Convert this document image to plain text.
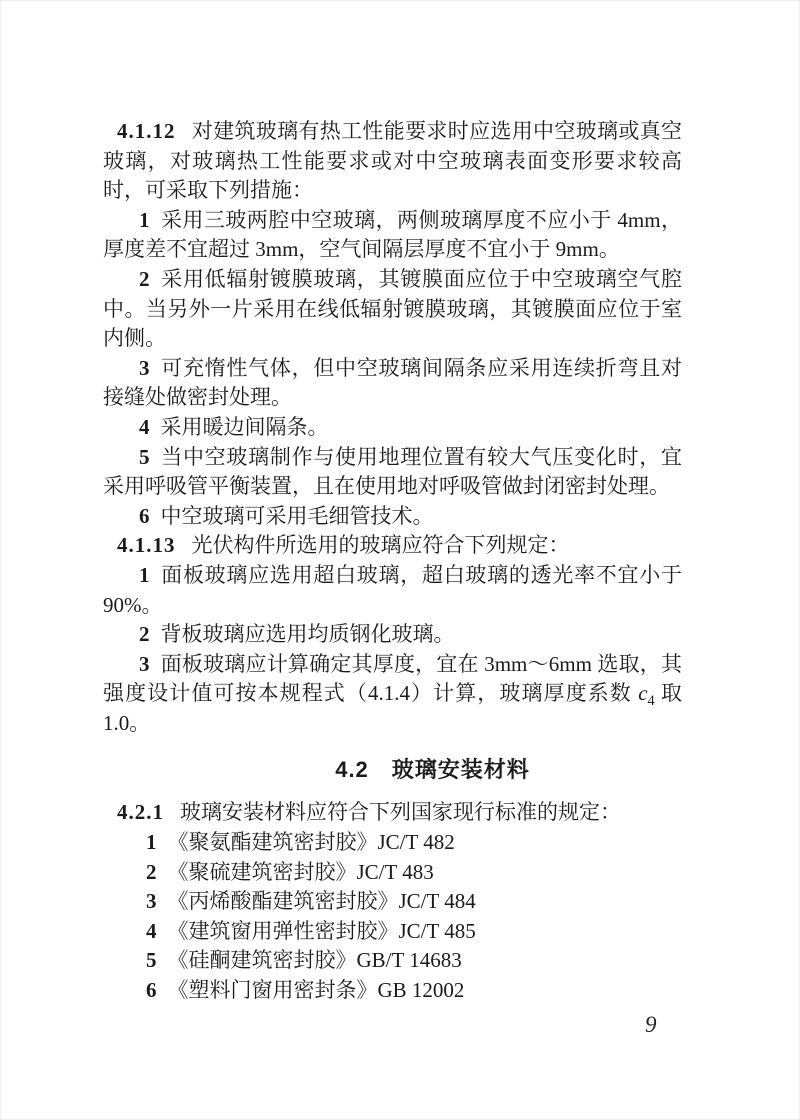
4.1.12 对建筑玻璃有热工性能要求时应选用中空玻璃或真空玻璃，对玻璃热工性能要求或对中空玻璃表面变形要求较高时，可采取下列措施：

1 采用三玻两腔中空玻璃，两侧玻璃厚度不应小于 4mm，厚度差不宜超过 3mm，空气间隔层厚度不宜小于 9mm。

2 采用低辐射镀膜玻璃，其镀膜面应位于中空玻璃空气腔中。当另外一片采用在线低辐射镀膜玻璃，其镀膜面应位于室内侧。

3 可充惰性气体，但中空玻璃间隔条应采用连续折弯且对接缝处做密封处理。

4 采用暖边间隔条。

5 当中空玻璃制作与使用地理位置有较大气压变化时，宜采用呼吸管平衡装置，且在使用地对呼吸管做封闭密封处理。

6 中空玻璃可采用毛细管技术。

4.1.13 光伏构件所选用的玻璃应符合下列规定：

1 面板玻璃应选用超白玻璃，超白玻璃的透光率不宜小于 90%。

2 背板玻璃应选用均质钢化玻璃。

3 面板玻璃应计算确定其厚度，宜在 3mm～6mm 选取，其强度设计值可按本规程式（4.1.4）计算，玻璃厚度系数 $c_4$ 取 1.0。

4.2　玻璃安装材料

4.2.1 玻璃安装材料应符合下列国家现行标准的规定：

1 《聚氨酯建筑密封胶》JC/T 482

2 《聚硫建筑密封胶》JC/T 483

3 《丙烯酸酯建筑密封胶》JC/T 484

4 《建筑窗用弹性密封胶》JC/T 485

5 《硅酮建筑密封胶》GB/T 14683

6 《塑料门窗用密封条》GB 12002

9
